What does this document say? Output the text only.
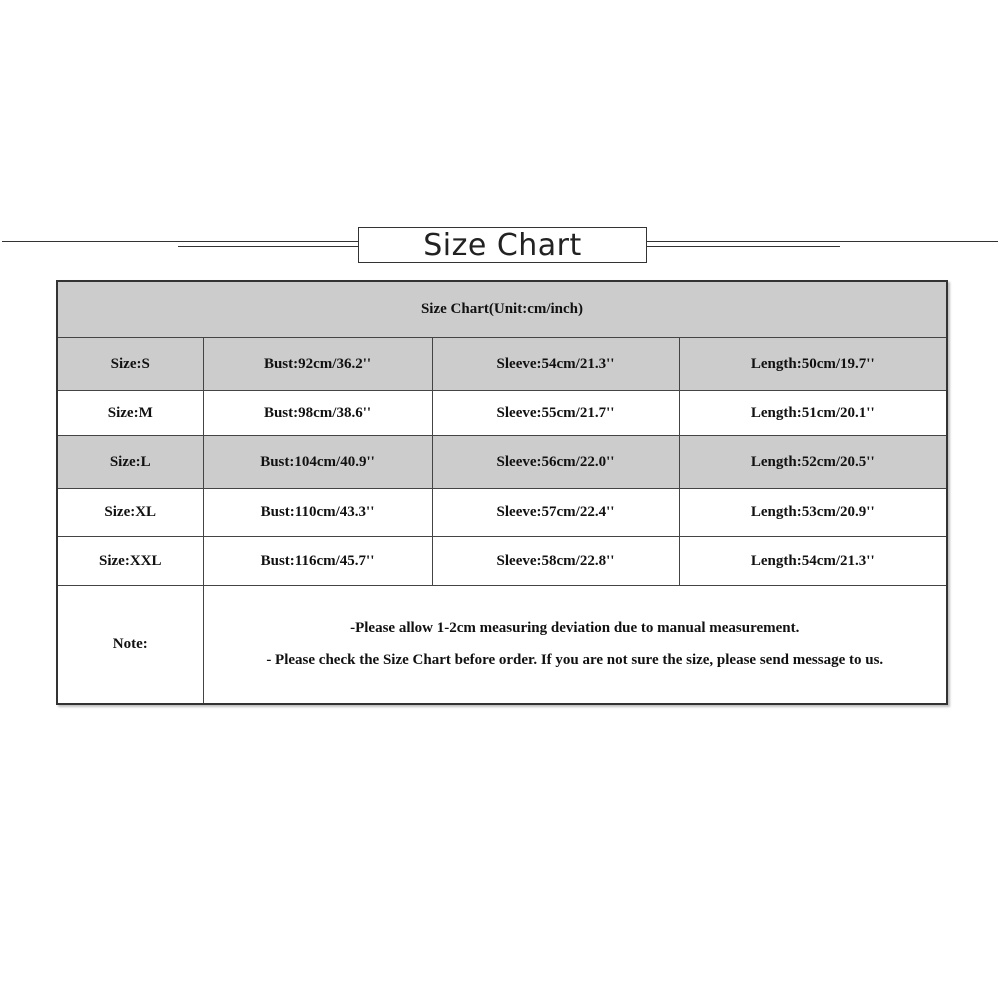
Size Chart
Size Chart(Unit:cm/inch)			
Size:S	Bust:92cm/36.2''	Sleeve:54cm/21.3''	Length:50cm/19.7''
Size:M	Bust:98cm/38.6''	Sleeve:55cm/21.7''	Length:51cm/20.1''
Size:L	Bust:104cm/40.9''	Sleeve:56cm/22.0''	Length:52cm/20.5''
Size:XL	Bust:110cm/43.3''	Sleeve:57cm/22.4''	Length:53cm/20.9''
Size:XXL	Bust:116cm/45.7''	Sleeve:58cm/22.8''	Length:54cm/21.3''
Note:	-Please allow 1-2cm measuring deviation due to manual measurement.

- Please check the Size Chart before order. If you are not sure the size, please send message to us.		
